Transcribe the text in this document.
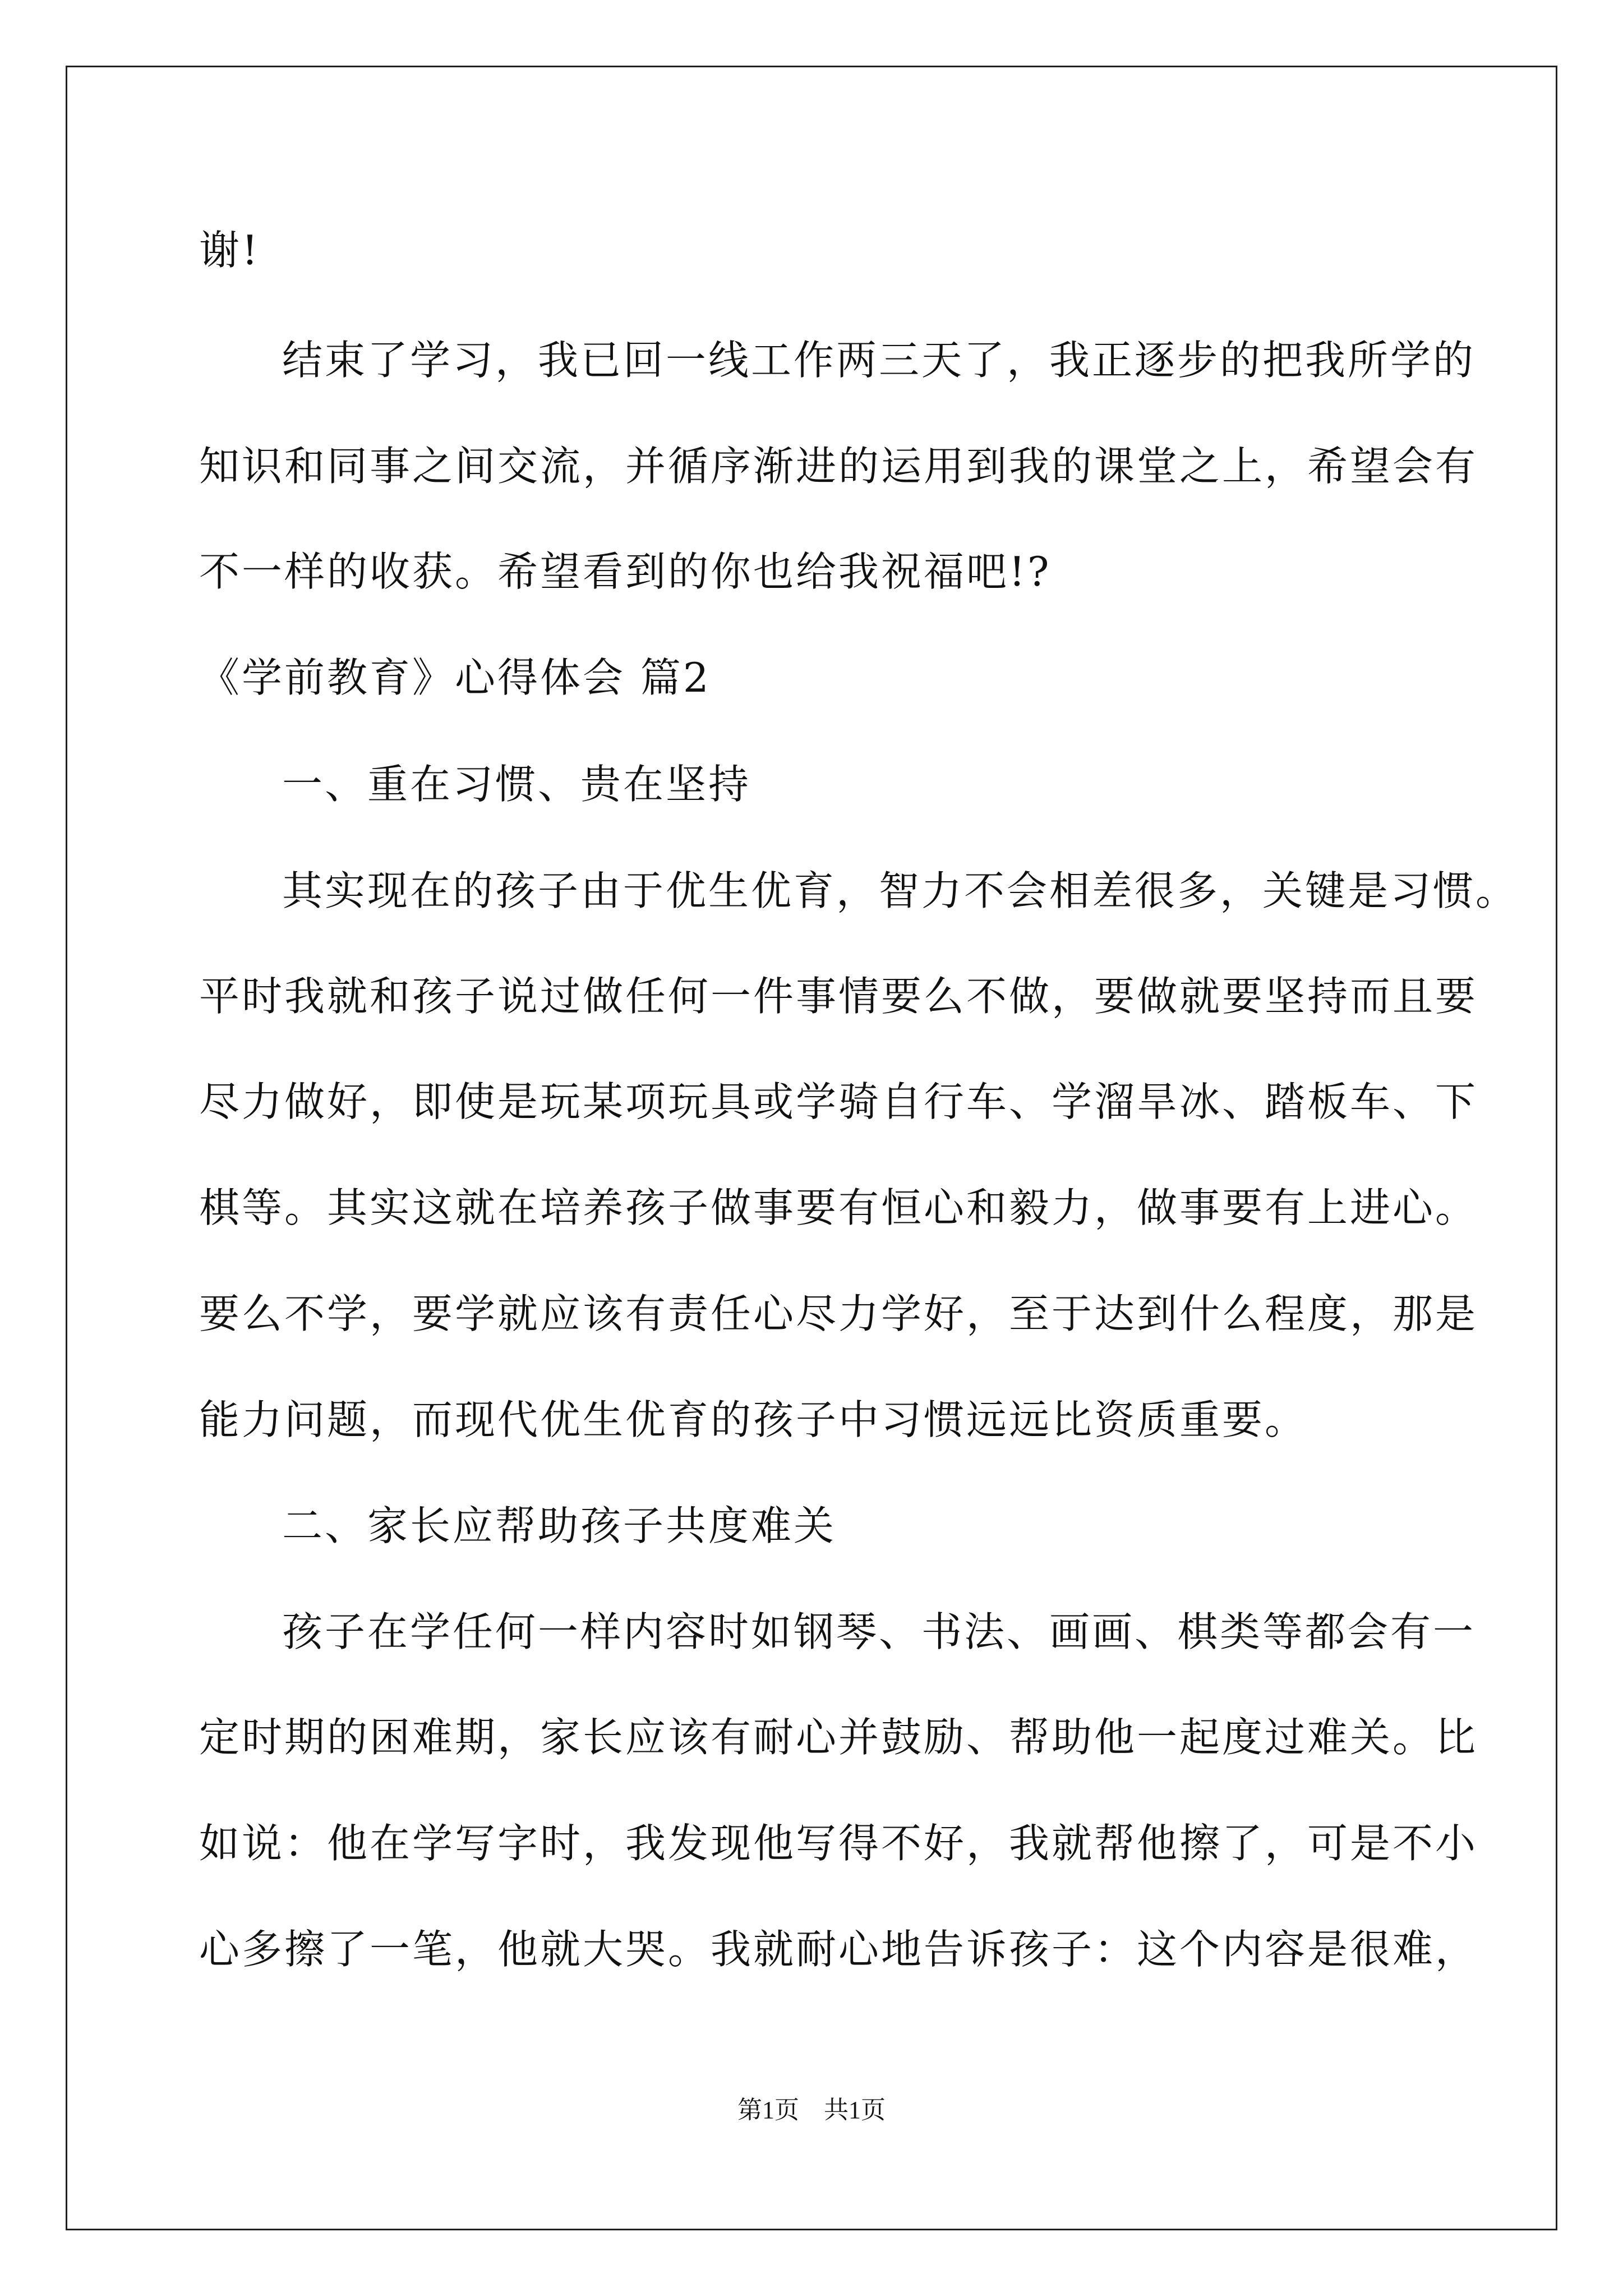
谢!
结束了学习，我已回一线工作两三天了，我正逐步的把我所学的
知识和同事之间交流，并循序渐进的运用到我的课堂之上，希望会有
不一样的收获。希望看到的你也给我祝福吧!?
《学前教育》心得体会 篇2
一、重在习惯、贵在坚持
其实现在的孩子由于优生优育，智力不会相差很多，关键是习惯。
平时我就和孩子说过做任何一件事情要么不做，要做就要坚持而且要
尽力做好，即使是玩某项玩具或学骑自行车、学溜旱冰、踏板车、下
棋等。其实这就在培养孩子做事要有恒心和毅力，做事要有上进心。
要么不学，要学就应该有责任心尽力学好，至于达到什么程度，那是
能力问题，而现代优生优育的孩子中习惯远远比资质重要。
二、家长应帮助孩子共度难关
孩子在学任何一样内容时如钢琴、书法、画画、棋类等都会有一
定时期的困难期，家长应该有耐心并鼓励、帮助他一起度过难关。比
如说：他在学写字时，我发现他写得不好，我就帮他擦了，可是不小
心多擦了一笔，他就大哭。我就耐心地告诉孩子：这个内容是很难，
第1页　共1页
